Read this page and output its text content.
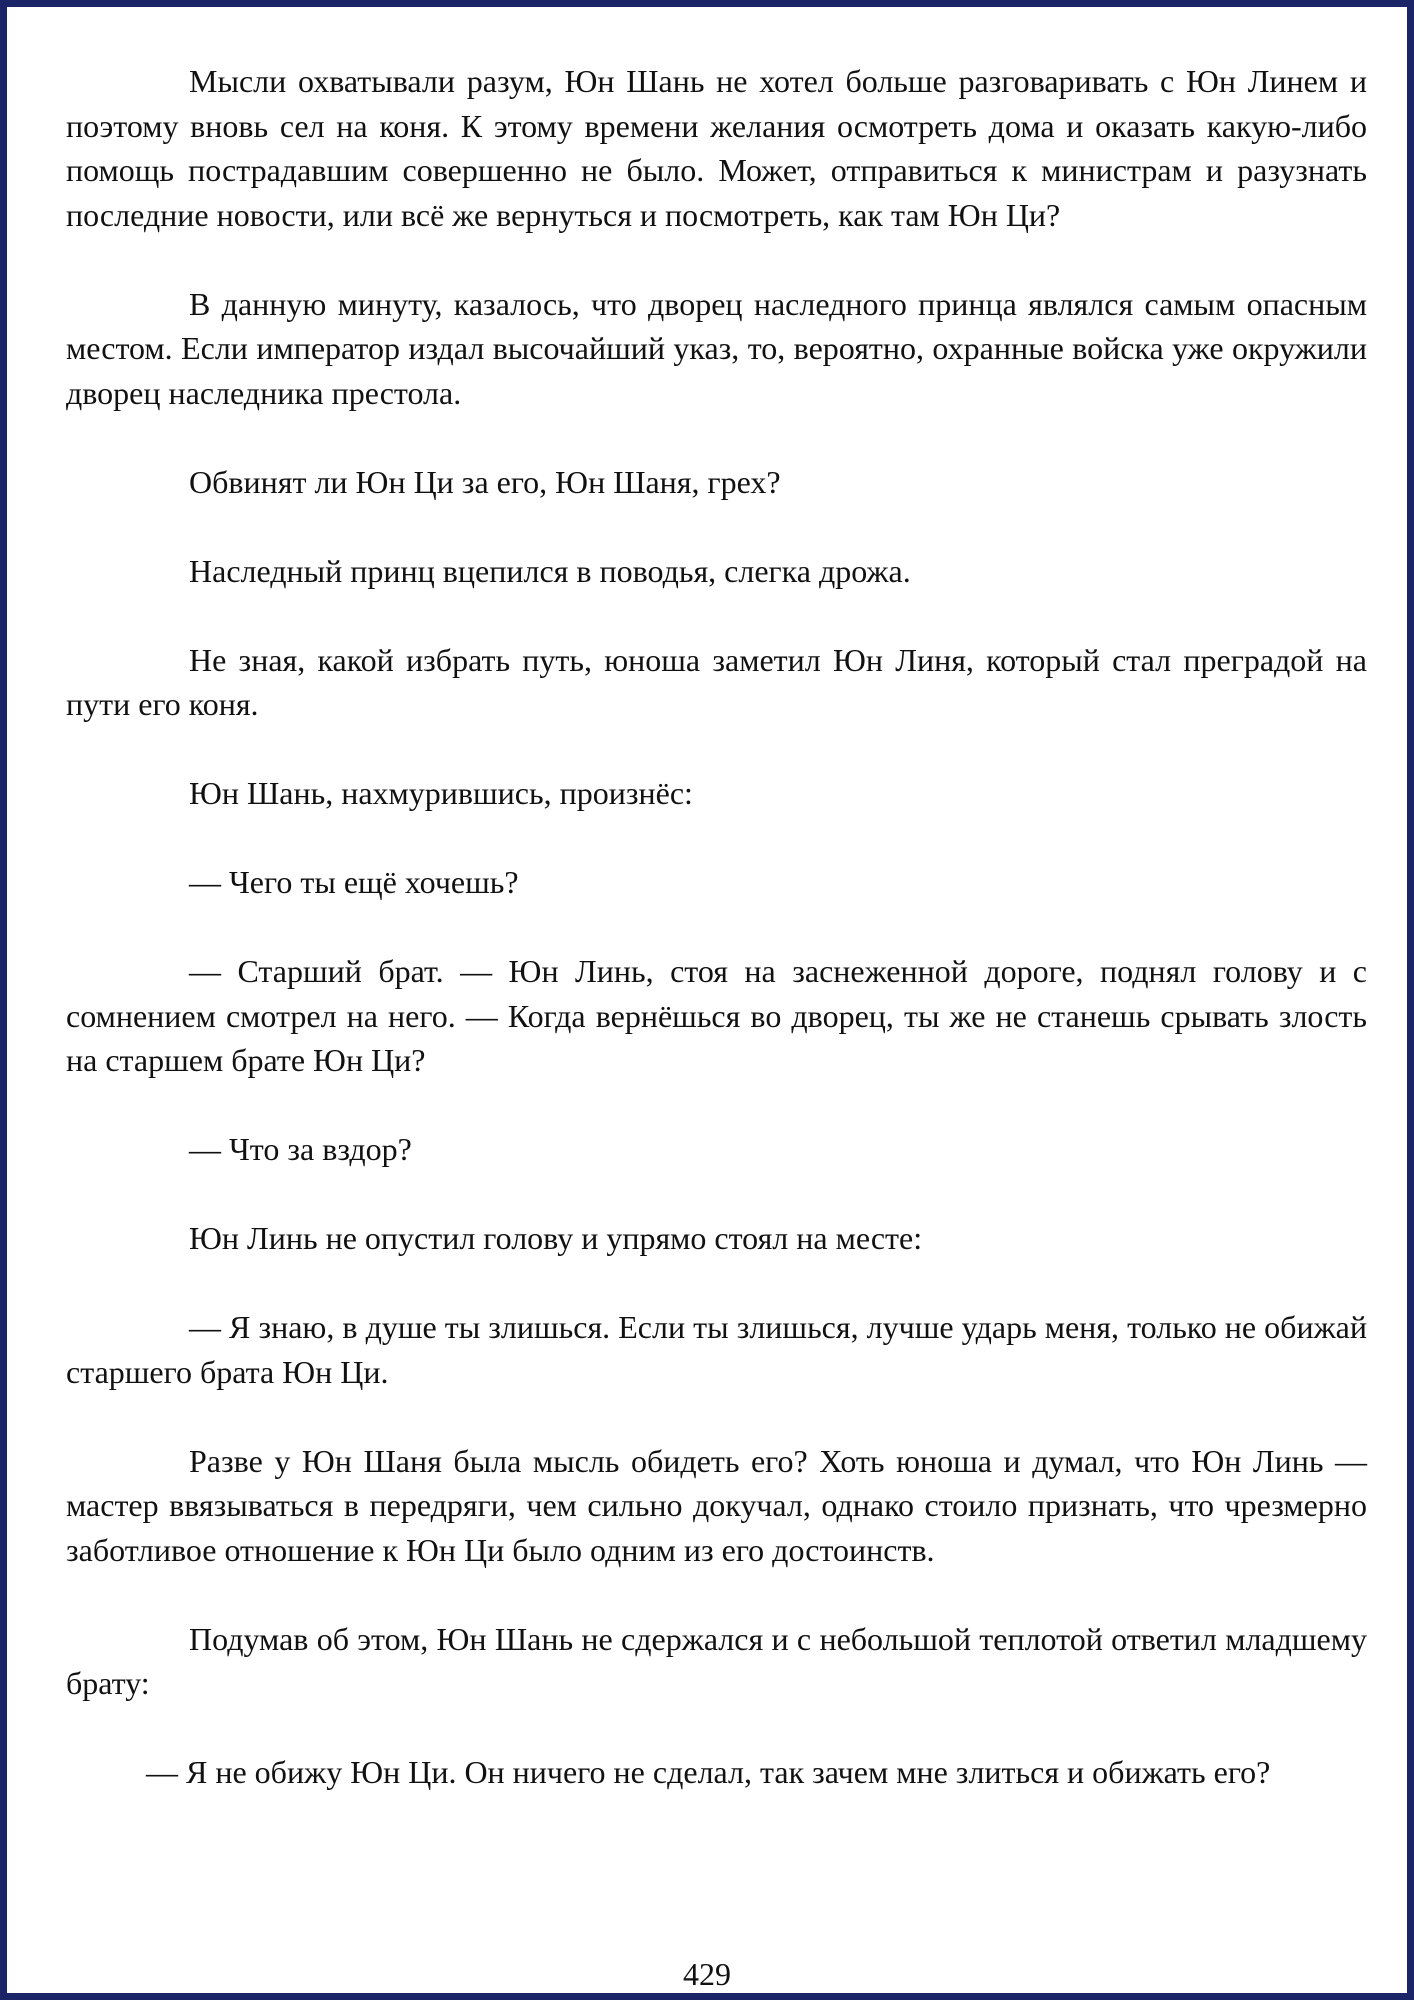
Мысли охватывали разум, Юн Шань не хотел больше разговаривать с Юн Линем и поэтому вновь сел на коня. К этому времени желания осмотреть дома и оказать какую-либо помощь пострадавшим совершенно не было. Может, отправиться к министрам и разузнать последние новости, или всё же вернуться и посмотреть, как там Юн Ци?

В данную минуту, казалось, что дворец наследного принца являлся самым опасным местом. Если император издал высочайший указ, то, вероятно, охранные войска уже окружили дворец наследника престола.

Обвинят ли Юн Ци за его, Юн Шаня, грех?

Наследный принц вцепился в поводья, слегка дрожа.

Не зная, какой избрать путь, юноша заметил Юн Линя, который стал преградой на пути его коня.

Юн Шань, нахмурившись, произнёс:

— Чего ты ещё хочешь?

— Старший брат. — Юн Линь, стоя на заснеженной дороге, поднял голову и с сомнением смотрел на него. — Когда вернёшься во дворец, ты же не станешь срывать злость на старшем брате Юн Ци?

— Что за вздор?

Юн Линь не опустил голову и упрямо стоял на месте:

— Я знаю, в душе ты злишься. Если ты злишься, лучше ударь меня, только не обижай старшего брата Юн Ци.

Разве у Юн Шаня была мысль обидеть его? Хоть юноша и думал, что Юн Линь — мастер ввязываться в передряги, чем сильно докучал, однако стоило признать, что чрезмерно заботливое отношение к Юн Ци было одним из его достоинств.

Подумав об этом, Юн Шань не сдержался и с небольшой теплотой ответил младшему брату:

— Я не обижу Юн Ци. Он ничего не сделал, так зачем мне злиться и обижать его?

429
